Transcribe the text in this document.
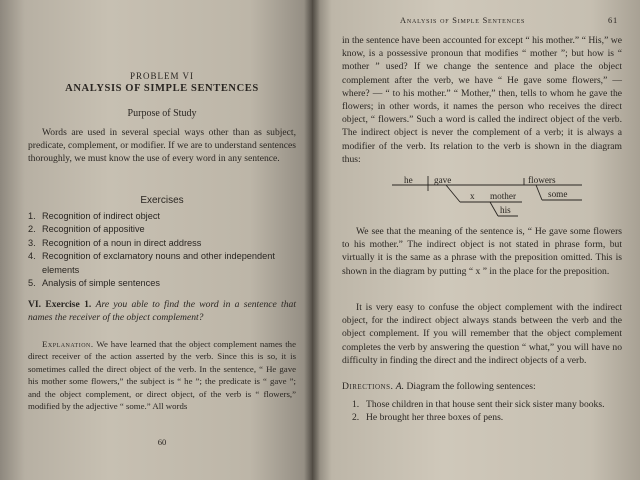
PROBLEM VI
ANALYSIS OF SIMPLE SENTENCES
Purpose of Study
Words are used in several special ways other than as subject, predicate, complement, or modifier. If we are to understand sentences thoroughly, we must know the use of every word in any sentence.
Exercises
1. Recognition of indirect object
2. Recognition of appositive
3. Recognition of a noun in direct address
4. Recognition of exclamatory nouns and other independent elements
5. Analysis of simple sentences
VI. Exercise 1. Are you able to find the word in a sentence that names the receiver of the object complement?
Explanation. We have learned that the object complement names the direct receiver of the action asserted by the verb. Since this is so, it is sometimes called the direct object of the verb. In the sentence, “ He gave his mother some flowers,” the subject is “ he ”; the predicate is “ gave ”; and the object complement, or direct object, of the verb is “ flowers,” modified by the adjective “ some.” All words
60
Analysis of Simple Sentences	61
in the sentence have been accounted for except “ his mother.” “ His,” we know, is a possessive pronoun that modifies “ mother ”; but how is “ mother ” used? If we change the sentence and place the object complement after the verb, we have “ He gave some flowers,” — where? — “ to his mother.” “ Mother,” then, tells to whom he gave the flowers; in other words, it names the person who receives the direct object, “ flowers.” Such a word is called the indirect object of the verb. The indirect object is never the complement of a verb; it is always a modifier of the verb. Its relation to the verb is shown in the diagram thus:
he gave	flowers
x mother	some
his
We see that the meaning of the sentence is, “ He gave some flowers to his mother.” The indirect object is not stated in phrase form, but virtually it is the same as a phrase with the preposition omitted. This is shown in the diagram by putting “ x ” in the place for the preposition.
It is very easy to confuse the object complement with the indirect object, for the indirect object always stands between the verb and the object complement. If you will remember that the object complement completes the verb by answering the question “ what,” you will have no difficulty in finding the direct and the indirect objects of a verb.
Directions. A. Diagram the following sentences:
1. Those children in that house sent their sick sister many books.
2. He brought her three boxes of pens.
